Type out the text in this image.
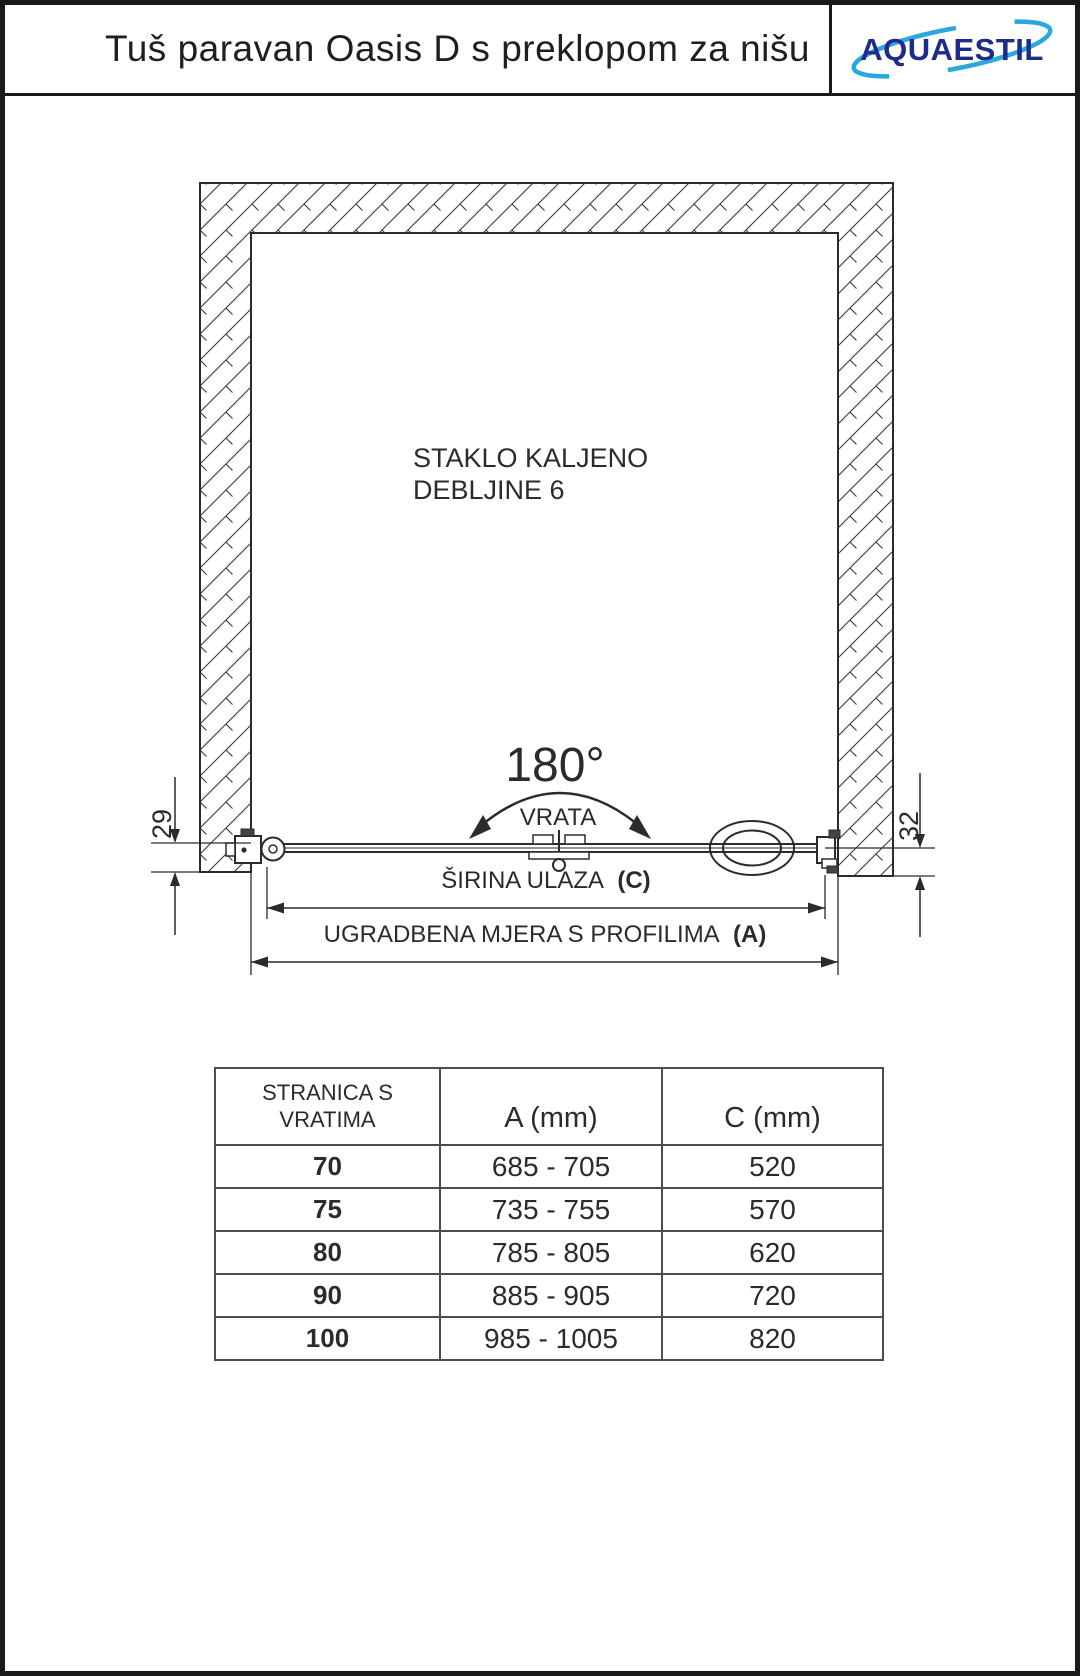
Tuš paravan Oasis D s preklopom za nišu AQUAESTIL
STAKLO KALJENO
DEBLJINE 6
180°
VRATA
29	32
ŠIRINA ULAZA (C)
UGRADBENA MJERA S PROFILIMA (A)
STRANICA S
VRATIMA	A (mm)	C (mm)
70	685 - 705	520
75	735 - 755	570
80	785 - 805	620
90	885 - 905	720
100	985 - 1005	820
